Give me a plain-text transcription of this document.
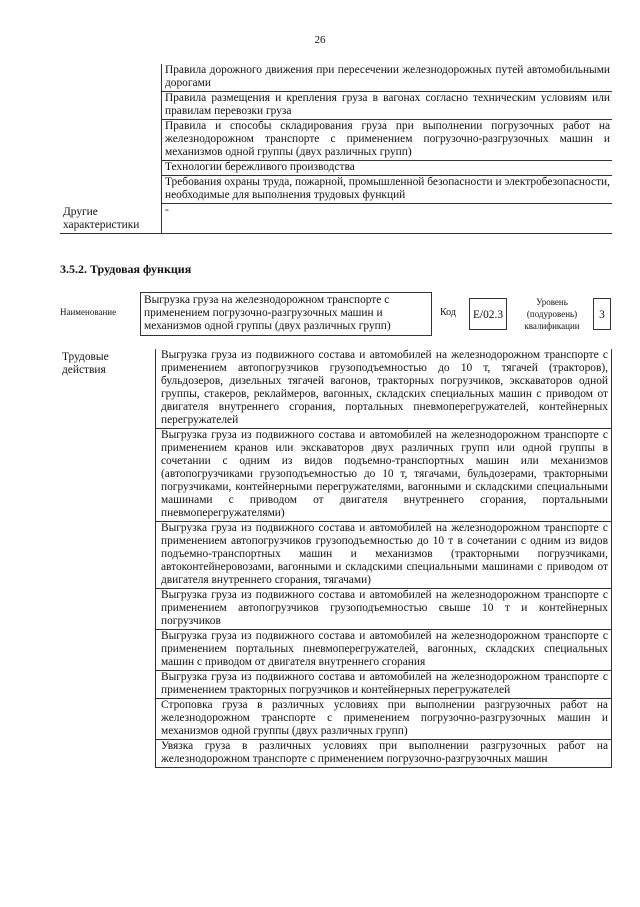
26
	Правила дорожного движения при пересечении железнодорожных путей автомобильными дорогами
	Правила размещения и крепления груза в вагонах согласно техническим условиям или правилам перевозки груза
	Правила и способы складирования груза при выполнении погрузочных работ на железнодорожном транспорте с применением погрузочно-разгрузочных машин и механизмов одной группы (двух различных групп)
	Технологии бережливого производства
	Требования охраны труда, пожарной, промышленной безопасности и электробезопасности, необходимые для выполнения трудовых функций
Другие характеристики	-
3.5.2. Трудовая функция
Наименование
Выгрузка груза на железнодорожном транспорте с применением погрузочно-разгрузочных машин и механизмов одной группы (двух различных групп)
Код	E/02.3
Уровень (подуровень) квалификации
3
Трудовые действия	Выгрузка груза из подвижного состава и автомобилей на железнодорожном транспорте с применением автопогрузчиков грузоподъемностью до 10 т, тягачей (тракторов), бульдозеров, дизельных тягачей вагонов, тракторных погрузчиков, экскаваторов одной группы, стакеров, реклаймеров, вагонных, складских специальных машин с приводом от двигателя внутреннего сгорания, портальных пневмоперегружателей, контейнерных перегружателей
Выгрузка груза из подвижного состава и автомобилей на железнодорожном транспорте с применением кранов или экскаваторов двух различных групп или одной группы в сочетании с одним из видов подъемно-транспортных машин или механизмов (автопогрузчиками грузоподъемностью до 10 т, тягачами, бульдозерами, тракторными погрузчиками, контейнерными перегружателями, вагонными и складскими специальными машинами с приводом от двигателя внутреннего сгорания, портальными пневмоперегружателями)
Выгрузка груза из подвижного состава и автомобилей на железнодорожном транспорте с применением автопогрузчиков грузоподъемностью до 10 т в сочетании с одним из видов подъемно-транспортных машин и механизмов (тракторными погрузчиками, автоконтейнеровозами, вагонными и складскими специальными машинами с приводом от двигателя внутреннего сгорания, тягачами)
Выгрузка груза из подвижного состава и автомобилей на железнодорожном транспорте с применением автопогрузчиков грузоподъемностью свыше 10 т и контейнерных погрузчиков
Выгрузка груза из подвижного состава и автомобилей на железнодорожном транспорте с применением портальных пневмоперегружателей, вагонных, складских специальных машин с приводом от двигателя внутреннего сгорания
Выгрузка груза из подвижного состава и автомобилей на железнодорожном транспорте с применением тракторных погрузчиков и контейнерных перегружателей
Строповка груза в различных условиях при выполнении разгрузочных работ на железнодорожном транспорте с применением погрузочно-разгрузочных машин и механизмов одной группы (двух различных групп)
Увязка груза в различных условиях при выполнении разгрузочных работ на железнодорожном транспорте с применением погрузочно-разгрузочных машин
